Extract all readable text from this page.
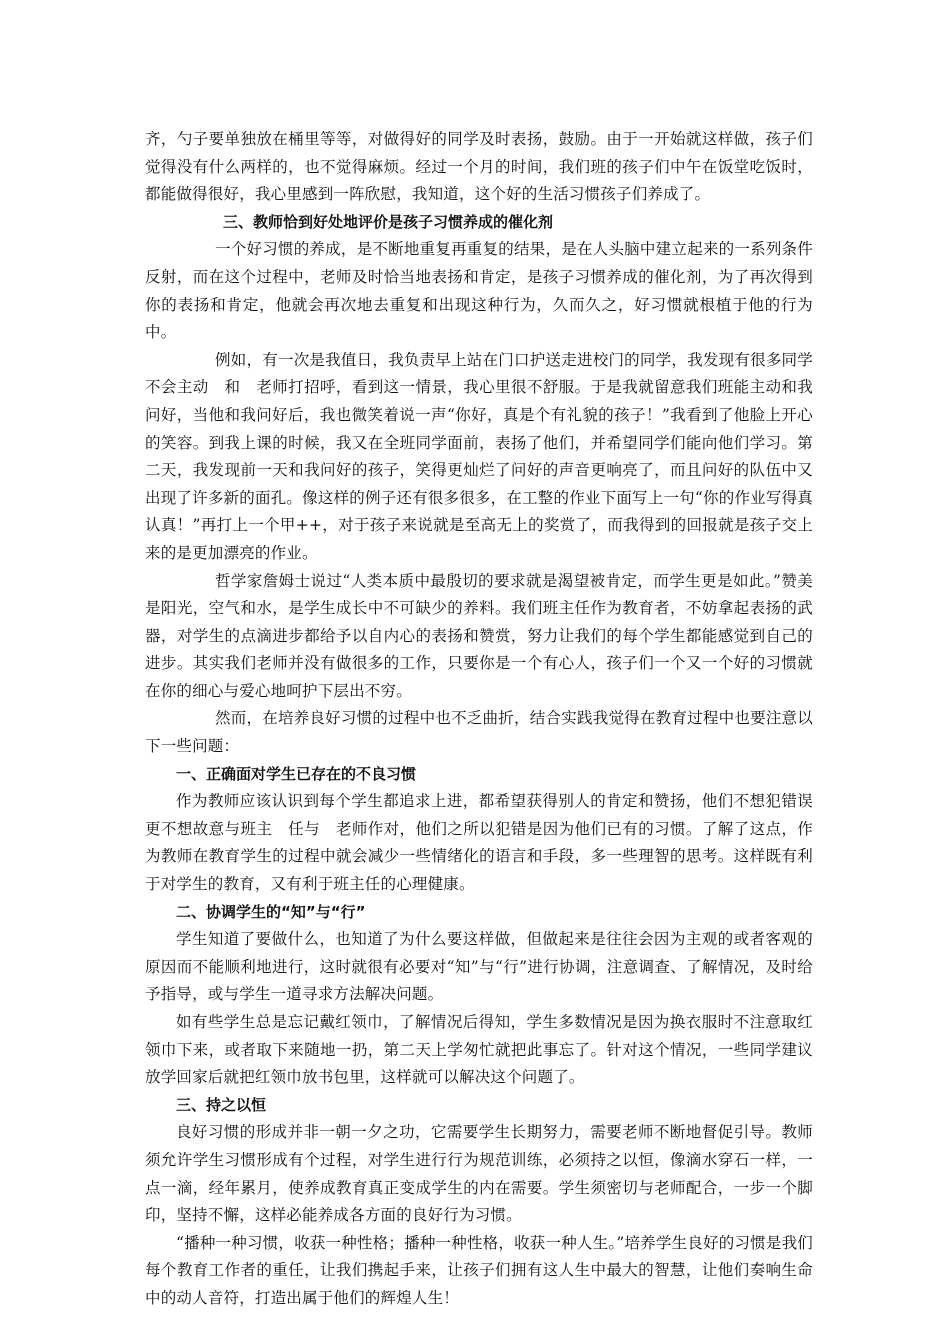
齐，勺子要单独放在桶里等等，对做得好的同学及时表扬，鼓励。由于一开始就这样做，孩子们觉得没有什么两样的，也不觉得麻烦。经过一个月的时间，我们班的孩子们中午在饭堂吃饭时，都能做得很好，我心里感到一阵欣慰，我知道，这个好的生活习惯孩子们养成了。

三、教师恰到好处地评价是孩子习惯养成的催化剂

一个好习惯的养成，是不断地重复再重复的结果，是在人头脑中建立起来的一系列条件反射，而在这个过程中，老师及时恰当地表扬和肯定，是孩子习惯养成的催化剂，为了再次得到你的表扬和肯定，他就会再次地去重复和出现这种行为，久而久之，好习惯就根植于他的行为中。

例如，有一次是我值日，我负责早上站在门口护送走进校门的同学，我发现有很多同学不会主动　和　老师打招呼，看到这一情景，我心里很不舒服。于是我就留意我们班能主动和我问好，当他和我问好后，我也微笑着说一声“你好，真是个有礼貌的孩子！”我看到了他脸上开心的笑容。到我上课的时候，我又在全班同学面前，表扬了他们，并希望同学们能向他们学习。第二天，我发现前一天和我问好的孩子，笑得更灿烂了问好的声音更响亮了，而且问好的队伍中又出现了许多新的面孔。像这样的例子还有很多很多，在工整的作业下面写上一句“你的作业写得真认真！”再打上一个甲++，对于孩子来说就是至高无上的奖赏了，而我得到的回报就是孩子交上来的是更加漂亮的作业。

哲学家詹姆士说过“人类本质中最殷切的要求就是渴望被肯定，而学生更是如此。”赞美是阳光，空气和水，是学生成长中不可缺少的养料。我们班主任作为教育者，不妨拿起表扬的武器，对学生的点滴进步都给予以自内心的表扬和赞赏，努力让我们的每个学生都能感觉到自己的进步。其实我们老师并没有做很多的工作，只要你是一个有心人，孩子们一个又一个好的习惯就在你的细心与爱心地呵护下层出不穷。

然而，在培养良好习惯的过程中也不乏曲折，结合实践我觉得在教育过程中也要注意以下一些问题：

一、正确面对学生已存在的不良习惯

作为教师应该认识到每个学生都追求上进，都希望获得别人的肯定和赞扬，他们不想犯错误更不想故意与班主　任与　老师作对，他们之所以犯错是因为他们已有的习惯。了解了这点，作为教师在教育学生的过程中就会减少一些情绪化的语言和手段，多一些理智的思考。这样既有利于对学生的教育，又有利于班主任的心理健康。

二、协调学生的“知”与“行”

学生知道了要做什么，也知道了为什么要这样做，但做起来是往往会因为主观的或者客观的原因而不能顺利地进行，这时就很有必要对“知”与“行”进行协调，注意调查、了解情况，及时给予指导，或与学生一道寻求方法解决问题。

如有些学生总是忘记戴红领巾，了解情况后得知，学生多数情况是因为换衣服时不注意取红领巾下来，或者取下来随地一扔，第二天上学匆忙就把此事忘了。针对这个情况，一些同学建议放学回家后就把红领巾放书包里，这样就可以解决这个问题了。

三、持之以恒

良好习惯的形成并非一朝一夕之功，它需要学生长期努力，需要老师不断地督促引导。教师须允许学生习惯形成有个过程，对学生进行行为规范训练，必须持之以恒，像滴水穿石一样，一点一滴，经年累月，使养成教育真正变成学生的内在需要。学生须密切与老师配合，一步一个脚印，坚持不懈，这样必能养成各方面的良好行为习惯。

“播种一种习惯，收获一种性格；播种一种性格，收获一种人生。”培养学生良好的习惯是我们每个教育工作者的重任，让我们携起手来，让孩子们拥有这人生中最大的智慧，让他们奏响生命中的动人音符，打造出属于他们的辉煌人生！
